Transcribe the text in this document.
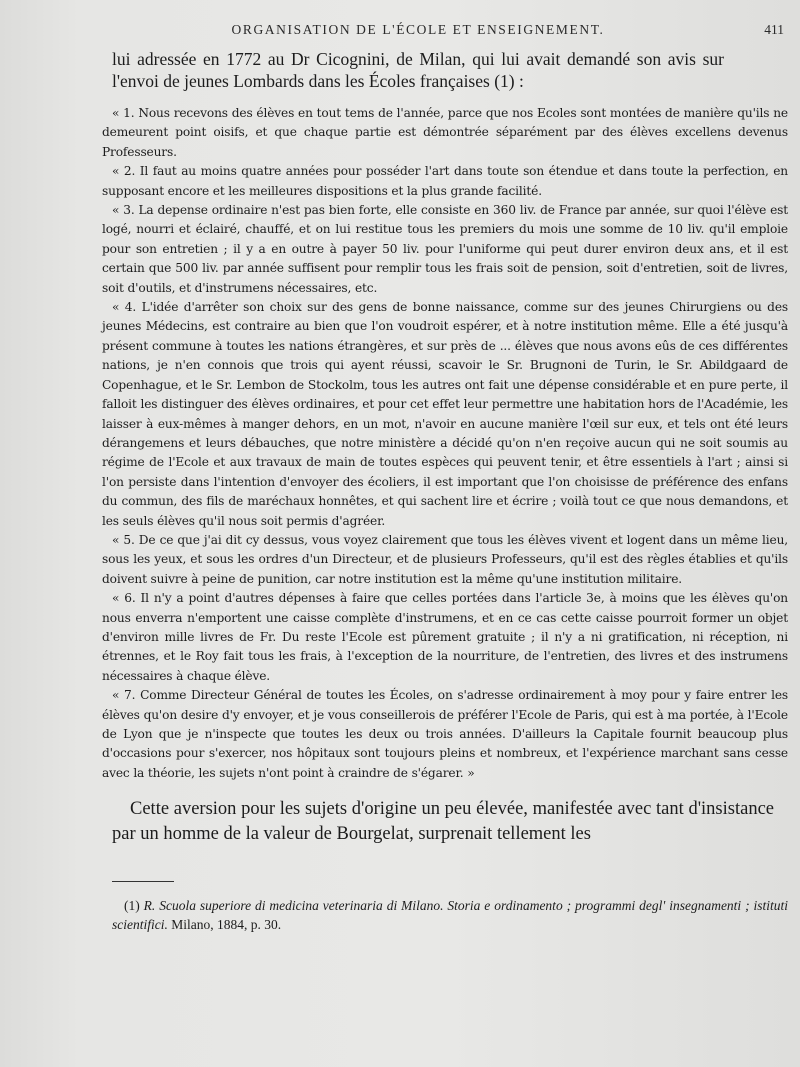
ORGANISATION DE L'ÉCOLE ET ENSEIGNEMENT.	411

lui adressée en 1772 au Dr Cicognini, de Milan, qui lui avait demandé son avis sur l'envoi de jeunes Lombards dans les Écoles françaises (1) :

« 1. Nous recevons des élèves en tout tems de l'année, parce que nos Ecoles sont montées de manière qu'ils ne demeurent point oisifs, et que chaque partie est démontrée séparément par des élèves excellens devenus Professeurs.

« 2. Il faut au moins quatre années pour posséder l'art dans toute son étendue et dans toute la perfection, en supposant encore et les meilleures dispositions et la plus grande facilité.

« 3. La depense ordinaire n'est pas bien forte, elle consiste en 360 liv. de France par année, sur quoi l'élève est logé, nourri et éclairé, chauffé, et on lui restitue tous les premiers du mois une somme de 10 liv. qu'il emploie pour son entretien ; il y a en outre à payer 50 liv. pour l'uniforme qui peut durer environ deux ans, et il est certain que 500 liv. par année suffisent pour remplir tous les frais soit de pension, soit d'entretien, soit de livres, soit d'outils, et d'instrumens nécessaires, etc.

« 4. L'idée d'arrêter son choix sur des gens de bonne naissance, comme sur des jeunes Chirurgiens ou des jeunes Médecins, est contraire au bien que l'on voudroit espérer, et à notre institution même. Elle a été jusqu'à présent commune à toutes les nations étrangères, et sur près de ... élèves que nous avons eûs de ces différentes nations, je n'en connois que trois qui ayent réussi, scavoir le Sr. Brugnoni de Turin, le Sr. Abildgaard de Copenhague, et le Sr. Lembon de Stockolm, tous les autres ont fait une dépense considérable et en pure perte, il falloit les distinguer des élèves ordinaires, et pour cet effet leur permettre une habitation hors de l'Académie, les laisser à eux-mêmes à manger dehors, en un mot, n'avoir en aucune manière l'œil sur eux, et tels ont été leurs dérangemens et leurs débauches, que notre ministère a décidé qu'on n'en reçoive aucun qui ne soit soumis au régime de l'Ecole et aux travaux de main de toutes espèces qui peuvent tenir, et être essentiels à l'art ; ainsi si l'on persiste dans l'intention d'envoyer des écoliers, il est important que l'on choisisse de préférence des enfans du commun, des fils de maréchaux honnêtes, et qui sachent lire et écrire ; voilà tout ce que nous demandons, et les seuls élèves qu'il nous soit permis d'agréer.

« 5. De ce que j'ai dit cy dessus, vous voyez clairement que tous les élèves vivent et logent dans un même lieu, sous les yeux, et sous les ordres d'un Directeur, et de plusieurs Professeurs, qu'il est des règles établies et qu'ils doivent suivre à peine de punition, car notre institution est la même qu'une institution militaire.

« 6. Il n'y a point d'autres dépenses à faire que celles portées dans l'article 3e, à moins que les élèves qu'on nous enverra n'emportent une caisse complète d'instrumens, et en ce cas cette caisse pourroit former un objet d'environ mille livres de Fr. Du reste l'Ecole est pûrement gratuite ; il n'y a ni gratification, ni réception, ni étrennes, et le Roy fait tous les frais, à l'exception de la nourriture, de l'entretien, des livres et des instrumens nécessaires à chaque élève.

« 7. Comme Directeur Général de toutes les Écoles, on s'adresse ordinairement à moy pour y faire entrer les élèves qu'on desire d'y envoyer, et je vous conseillerois de préférer l'Ecole de Paris, qui est à ma portée, à l'Ecole de Lyon que je n'inspecte que toutes les deux ou trois années. D'ailleurs la Capitale fournit beaucoup plus d'occasions pour s'exercer, nos hôpitaux sont toujours pleins et nombreux, et l'expérience marchant sans cesse avec la théorie, les sujets n'ont point à craindre de s'égarer. »

Cette aversion pour les sujets d'origine un peu élevée, manifestée avec tant d'insistance par un homme de la valeur de Bourgelat, surprenait tellement les

(1) R. Scuola superiore di medicina veterinaria di Milano. Storia e ordinamento ; programmi degl' insegnamenti ; istituti scientifici. Milano, 1884, p. 30.
